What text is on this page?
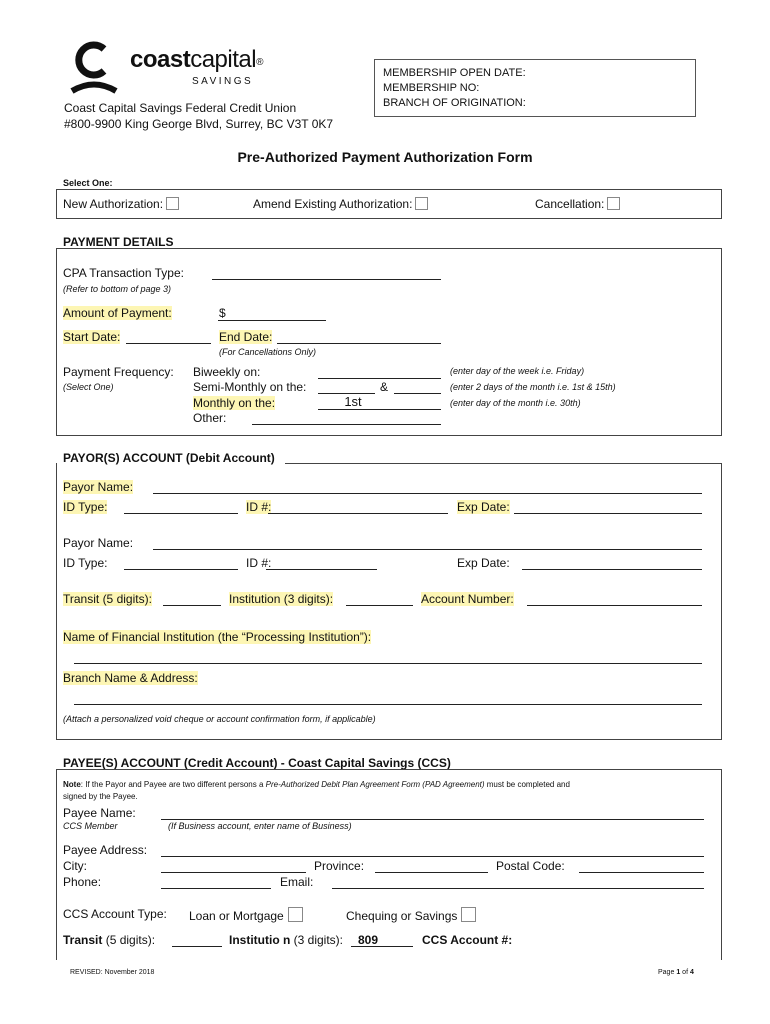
coastcapital®
SAVINGS
Coast Capital Savings Federal Credit Union
#800-9900 King George Blvd, Surrey, BC V3T 0K7
MEMBERSHIP OPEN DATE:
MEMBERSHIP NO:
BRANCH OF ORIGINATION:
Pre-Authorized Payment Authorization Form
Select One:
New Authorization:	Amend Existing Authorization:	Cancellation:
PAYMENT DETAILS
CPA Transaction Type:
(Refer to bottom of page 3)
Amount of Payment:	$
Start Date:	End Date:
(For Cancellations Only)
Payment Frequency:
(Select One)
Biweekly on:	(enter day of the week i.e. Friday)
Semi-Monthly on the:	&	(enter 2 days of the month i.e. 1st & 15th)
Monthly on the:	1st	(enter day of the month i.e. 30th)
Other:
PAYOR(S) ACCOUNT (Debit Account)
Payor Name:
ID Type:	ID #:	Exp Date:
Payor Name:
ID Type:	ID #:	Exp Date:
Transit (5 digits):	Institution (3 digits):	Account Number:
Name of Financial Institution (the “Processing Institution”):
Branch Name & Address:
(Attach a personalized void cheque or account confirmation form, if applicable)
PAYEE(S) ACCOUNT (Credit Account) - Coast Capital Savings (CCS)
Note: If the Payor and Payee are two different persons a Pre-Authorized Debit Plan Agreement Form (PAD Agreement) must be completed and
signed by the Payee.
Payee Name:
CCS Member	(If Business account, enter name of Business)
Payee Address:
City:	Province:	Postal Code:
Phone:	Email:
CCS Account Type: Loan or Mortgage	Chequing or Savings
Transit (5 digits):	Institutio n (3 digits): 809	CCS Account #:
REVISED: November 2018	Page 1 of 4
